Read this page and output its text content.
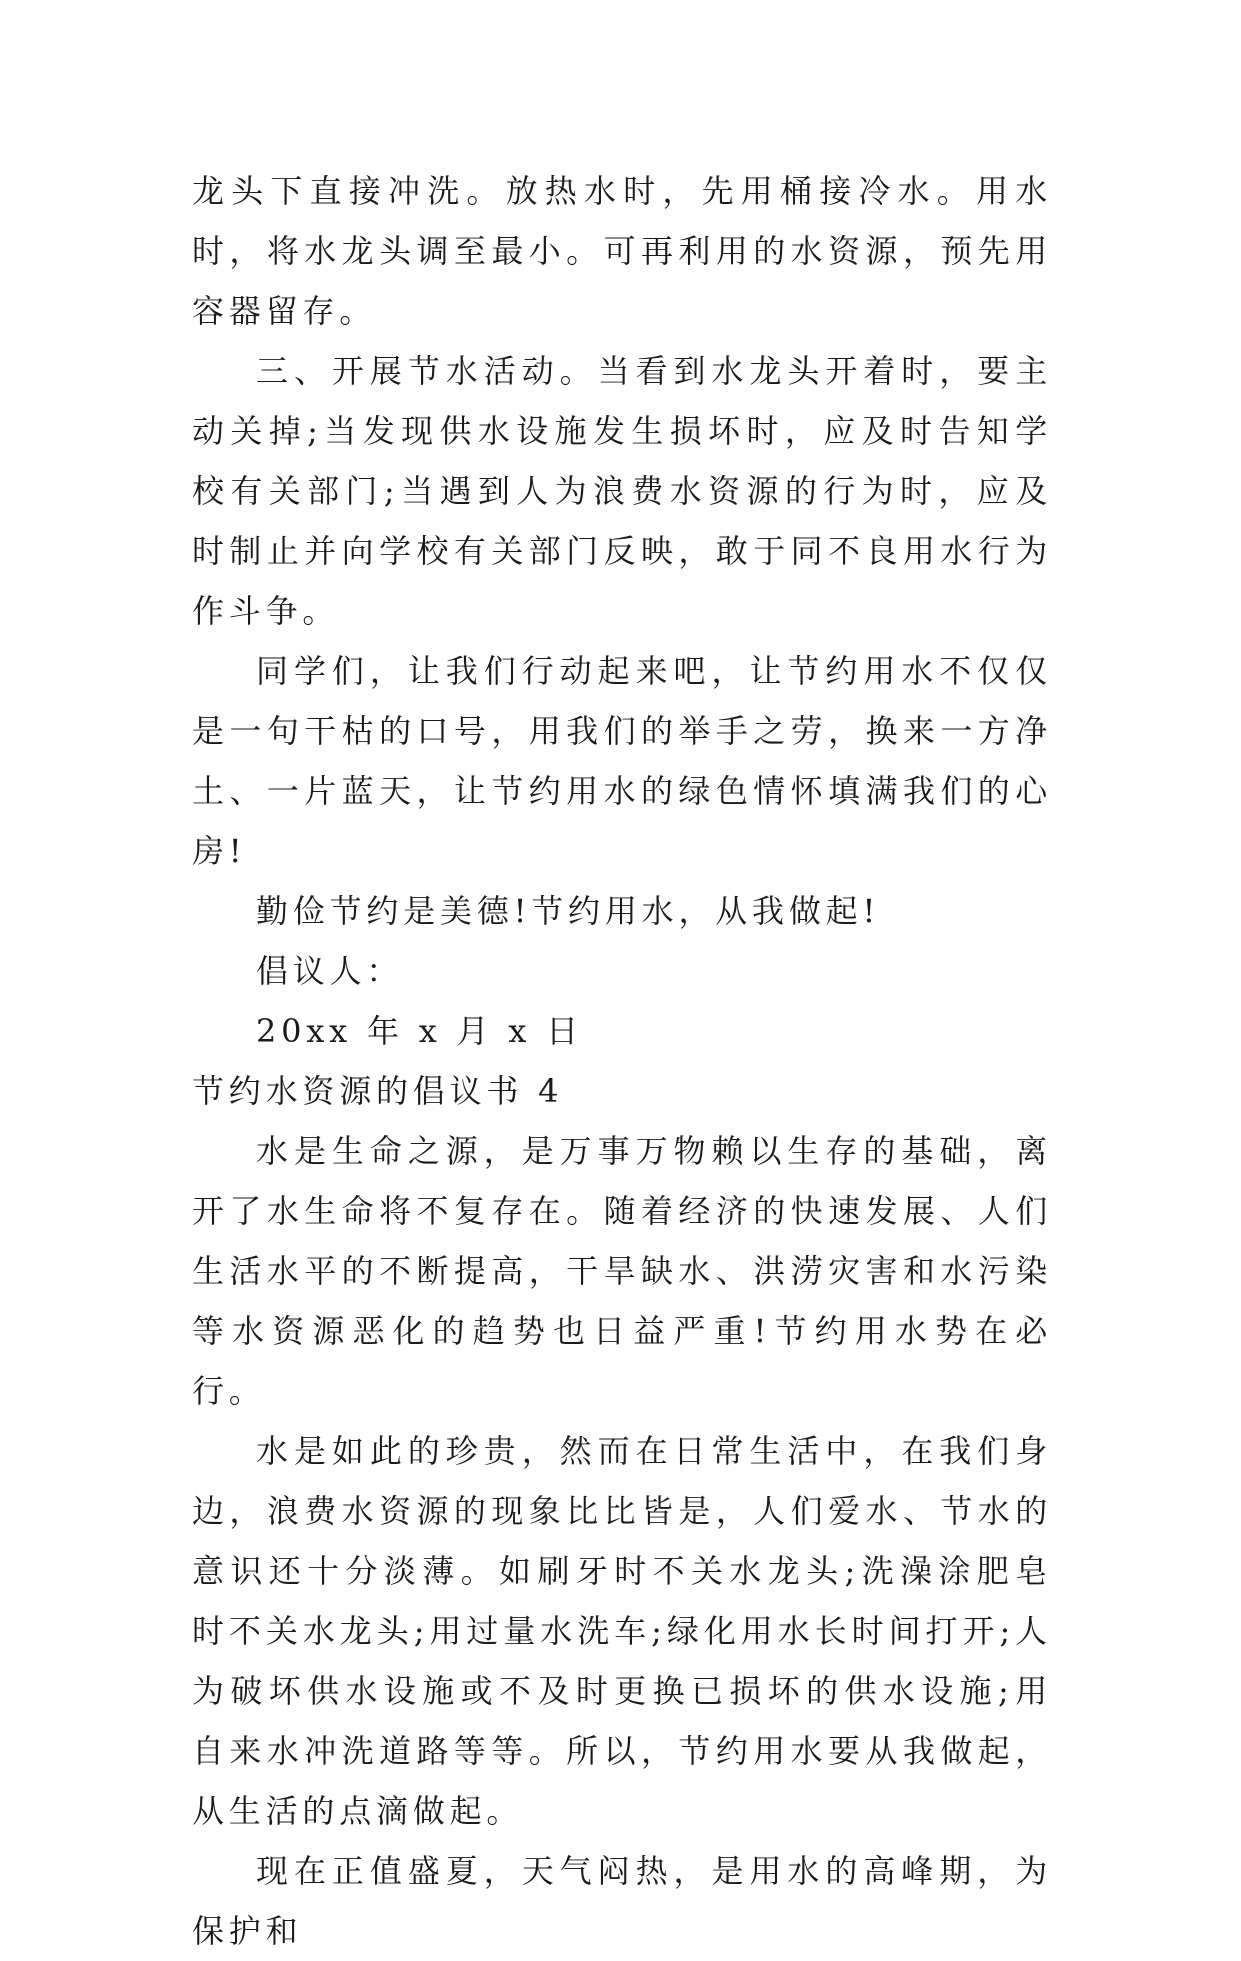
龙头下直接冲洗。放热水时，先用桶接冷水。用水时，将水龙头调至最小。可再利用的水资源，预先用容器留存。

三、开展节水活动。当看到水龙头开着时，要主动关掉;当发现供水设施发生损坏时，应及时告知学校有关部门;当遇到人为浪费水资源的行为时，应及时制止并向学校有关部门反映，敢于同不良用水行为作斗争。

同学们，让我们行动起来吧，让节约用水不仅仅是一句干枯的口号，用我们的举手之劳，换来一方净土、一片蓝天，让节约用水的绿色情怀填满我们的心房!

勤俭节约是美德!节约用水，从我做起!

倡议人：

20xx 年 x 月 x 日

节约水资源的倡议书 4

水是生命之源，是万事万物赖以生存的基础，离开了水生命将不复存在。随着经济的快速发展、人们生活水平的不断提高，干旱缺水、洪涝灾害和水污染等水资源恶化的趋势也日益严重!节约用水势在必行。

水是如此的珍贵，然而在日常生活中，在我们身边，浪费水资源的现象比比皆是，人们爱水、节水的意识还十分淡薄。如刷牙时不关水龙头;洗澡涂肥皂时不关水龙头;用过量水洗车;绿化用水长时间打开;人为破坏供水设施或不及时更换已损坏的供水设施;用自来水冲洗道路等等。所以，节约用水要从我做起，从生活的点滴做起。

现在正值盛夏，天气闷热，是用水的高峰期，为保护和
